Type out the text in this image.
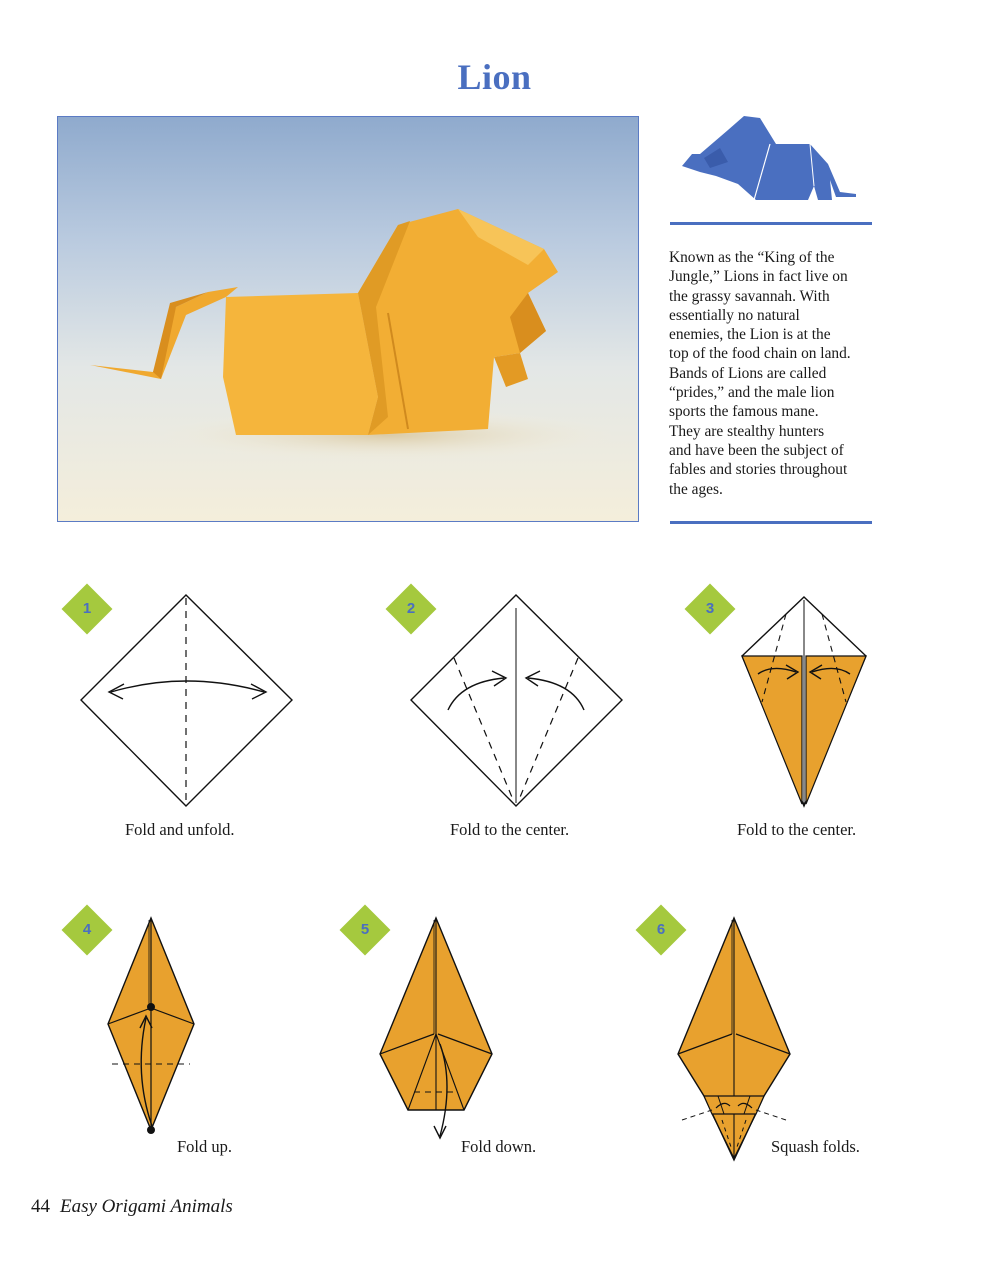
Lion
Known as the “King of the
Jungle,” Lions in fact live on
the grassy savannah. With
essentially no natural
enemies, the Lion is at the
top of the food chain on land.
Bands of Lions are called
“prides,” and the male lion
sports the famous mane.
They are stealthy hunters
and have been the subject of
fables and stories throughout
the ages.
1
Fold and unfold.
2
Fold to the center.
3
Fold to the center.
4
Fold up.
5
Fold down.
6
Squash folds.
44 Easy Origami Animals
